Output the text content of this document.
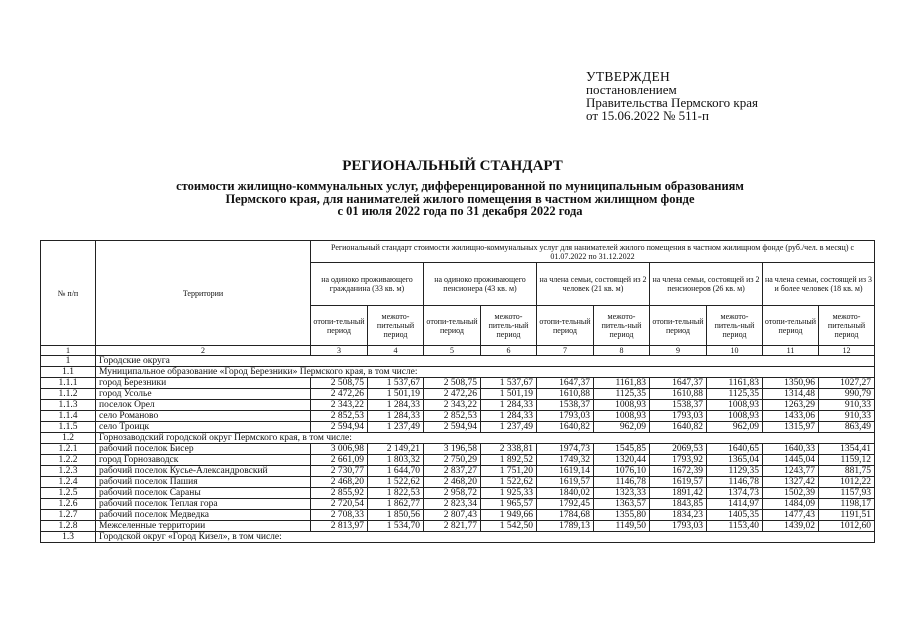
УТВЕРЖДЕН
постановлением
Правительства Пермского края
от 15.06.2022 № 511-п
РЕГИОНАЛЬНЫЙ СТАНДАРТ
стоимости жилищно-коммунальных услуг, дифференцированной по муниципальным образованиям
Пермского края, для нанимателей жилого помещения в частном жилищном фонде
с 01 июля 2022 года по 31 декабря 2022 года
№ п/п	Территории	Региональный стандарт стоимости жилищно-коммунальных услуг для нанимателей жилого помещения в частном жилищном фонде (руб./чел. в месяц) с 01.07.2022 по 31.12.2022									
		на одиноко проживающего гражданина (33 кв. м)		на одиноко проживающего пенсионера (43 кв. м)		на члена семьи, состоящей из 2 человек (21 кв. м)		на члена семьи, состоящей из 2 пенсионеров (26 кв. м)		на члена семьи, состоящей из 3 и более человек (18 кв. м)	
		отопи-тельный период	межото-пительный период	отопи-тельный период	межото-питель-ный период	отопи-тельный период	межото-питель-ный период	отопи-тельный период	межото-питель-ный период	отопи-тельный период	межото-пительный период
1	2	3	4	5	6	7	8	9	10	11	12
1	Городские округа										
1.1	Муниципальное образование «Город Березники» Пермского края, в том числе:										
1.1.1	город Березники	2 508,75	1 537,67	2 508,75	1 537,67	1647,37	1161,83	1647,37	1161,83	1350,96	1027,27
1.1.2	город Усолье	2 472,26	1 501,19	2 472,26	1 501,19	1610,88	1125,35	1610,88	1125,35	1314,48	990,79
1.1.3	поселок Орел	2 343,22	1 284,33	2 343,22	1 284,33	1538,37	1008,93	1538,37	1008,93	1263,29	910,33
1.1.4	село Романово	2 852,53	1 284,33	2 852,53	1 284,33	1793,03	1008,93	1793,03	1008,93	1433,06	910,33
1.1.5	село Троицк	2 594,94	1 237,49	2 594,94	1 237,49	1640,82	962,09	1640,82	962,09	1315,97	863,49
1.2	Горнозаводский городской округ Пермского края, в том числе:										
1.2.1	рабочий поселок Бисер	3 006,98	2 149,21	3 196,58	2 338,81	1974,73	1545,85	2069,53	1640,65	1640,33	1354,41
1.2.2	город Горнозаводск	2 661,09	1 803,32	2 750,29	1 892,52	1749,32	1320,44	1793,92	1365,04	1445,04	1159,12
1.2.3	рабочий поселок Кусье-Александровский	2 730,77	1 644,70	2 837,27	1 751,20	1619,14	1076,10	1672,39	1129,35	1243,77	881,75
1.2.4	рабочий поселок Пашия	2 468,20	1 522,62	2 468,20	1 522,62	1619,57	1146,78	1619,57	1146,78	1327,42	1012,22
1.2.5	рабочий поселок Сараны	2 855,92	1 822,53	2 958,72	1 925,33	1840,02	1323,33	1891,42	1374,73	1502,39	1157,93
1.2.6	рабочий поселок Теплая гора	2 720,54	1 862,77	2 823,34	1 965,57	1792,45	1363,57	1843,85	1414,97	1484,09	1198,17
1.2.7	рабочий поселок Медведка	2 708,33	1 850,56	2 807,43	1 949,66	1784,68	1355,80	1834,23	1405,35	1477,43	1191,51
1.2.8	Межселенные территории	2 813,97	1 534,70	2 821,77	1 542,50	1789,13	1149,50	1793,03	1153,40	1439,02	1012,60
1.3	Городской округ «Город Кизел», в том числе:										
